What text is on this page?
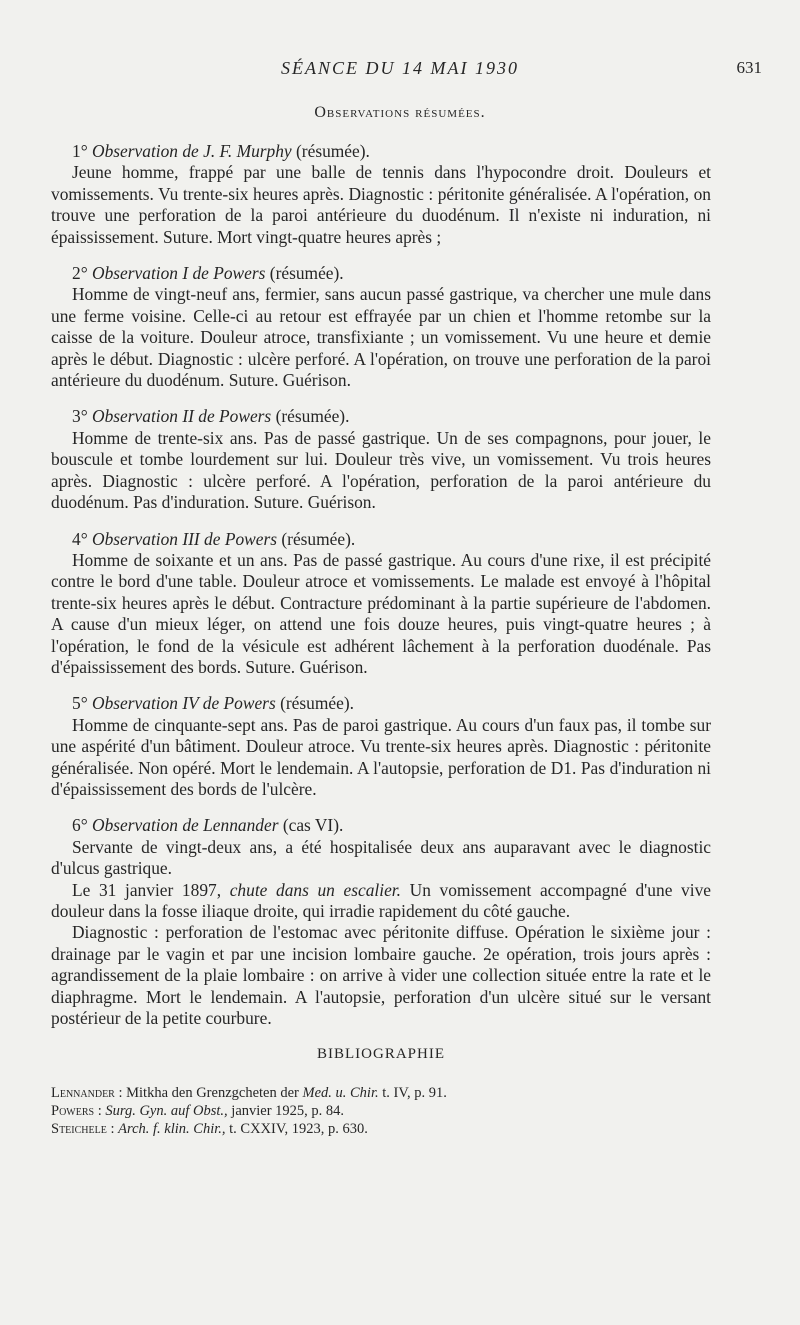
SÉANCE DU 14 MAI 1930	631
Observations résumées.

1° Observation de J. F. Murphy (résumée).

Jeune homme, frappé par une balle de tennis dans l'hypocondre droit. Douleurs et vomissements. Vu trente-six heures après. Diagnostic : péritonite généralisée. A l'opération, on trouve une perforation de la paroi antérieure du duodénum. Il n'existe ni induration, ni épaississement. Suture. Mort vingt-quatre heures après ;

2° Observation I de Powers (résumée).

Homme de vingt-neuf ans, fermier, sans aucun passé gastrique, va chercher une mule dans une ferme voisine. Celle-ci au retour est effrayée par un chien et l'homme retombe sur la caisse de la voiture. Douleur atroce, transfixiante ; un vomissement. Vu une heure et demie après le début. Diagnostic : ulcère perforé. A l'opération, on trouve une perforation de la paroi antérieure du duodénum. Suture. Guérison.

3° Observation II de Powers (résumée).

Homme de trente-six ans. Pas de passé gastrique. Un de ses compagnons, pour jouer, le bouscule et tombe lourdement sur lui. Douleur très vive, un vomissement. Vu trois heures après. Diagnostic : ulcère perforé. A l'opération, perforation de la paroi antérieure du duodénum. Pas d'induration. Suture. Guérison.

4° Observation III de Powers (résumée).

Homme de soixante et un ans. Pas de passé gastrique. Au cours d'une rixe, il est précipité contre le bord d'une table. Douleur atroce et vomissements. Le malade est envoyé à l'hôpital trente-six heures après le début. Contracture prédominant à la partie supérieure de l'abdomen. A cause d'un mieux léger, on attend une fois douze heures, puis vingt-quatre heures ; à l'opération, le fond de la vésicule est adhérent lâchement à la perforation duodénale. Pas d'épaississement des bords. Suture. Guérison.

5° Observation IV de Powers (résumée).

Homme de cinquante-sept ans. Pas de paroi gastrique. Au cours d'un faux pas, il tombe sur une aspérité d'un bâtiment. Douleur atroce. Vu trente-six heures après. Diagnostic : péritonite généralisée. Non opéré. Mort le lendemain. A l'autopsie, perforation de D1. Pas d'induration ni d'épaississement des bords de l'ulcère.

6° Observation de Lennander (cas VI).

Servante de vingt-deux ans, a été hospitalisée deux ans auparavant avec le diagnostic d'ulcus gastrique.

Le 31 janvier 1897, chute dans un escalier. Un vomissement accompagné d'une vive douleur dans la fosse iliaque droite, qui irradie rapidement du côté gauche.

Diagnostic : perforation de l'estomac avec péritonite diffuse. Opération le sixième jour : drainage par le vagin et par une incision lombaire gauche. 2e opération, trois jours après : agrandissement de la plaie lombaire : on arrive à vider une collection située entre la rate et le diaphragme. Mort le lendemain. A l'autopsie, perforation d'un ulcère situé sur le versant postérieur de la petite courbure.

BIBLIOGRAPHIE

Lennander : Mitkha den Grenzgcheten der Med. u. Chir. t. IV, p. 91.

Powers : Surg. Gyn. auf Obst., janvier 1925, p. 84.

Steichele : Arch. f. klin. Chir., t. CXXIV, 1923, p. 630.
